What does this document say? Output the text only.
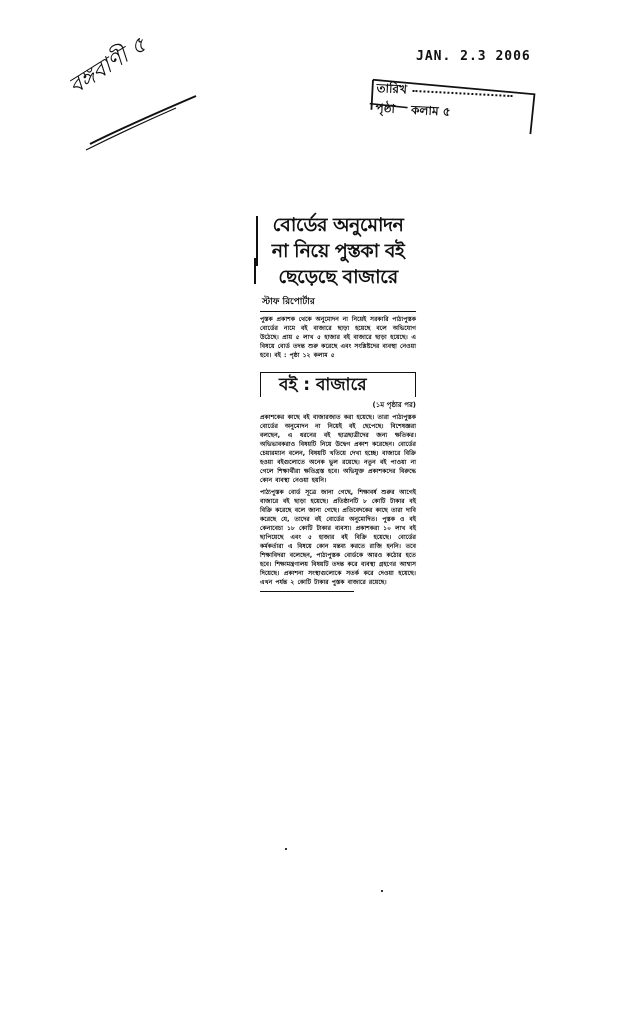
বঙ্গবাণী ৫	JAN. 2.3 2006
তারিখ
পৃষ্ঠা কলাম ৫
বোর্ডের অনুমোদন
না নিয়ে পুস্তকা বই
ছেড়েছে বাজারে
স্টাফ রিপোর্টার
পুস্তক প্রকাশক থেকে অনুমোদন না নিয়েই সরকারি পাঠ্যপুস্তক বোর্ডের নামে বই বাজারে ছাড়া হয়েছে বলে অভিযোগ উঠেছে। প্রায় ৫ লাখ ৫ হাজার বই বাজারে ছাড়া হয়েছে। এ বিষয়ে বোর্ড তদন্ত শুরু করেছে এবং সংশ্লিষ্টদের ব্যবস্থা নেওয়া হবে। বই : পৃষ্ঠা ১২ কলাম ৫
বই : বাজারে
(১ম পৃষ্ঠার পর)
প্রকাশকের কাছে বই বাজারজাত করা হয়েছে। তারা পাঠ্যপুস্তক বোর্ডের অনুমোদন না নিয়েই বই ছেপেছে। বিশেষজ্ঞরা বলছেন, এ ধরনের বই ছাত্রছাত্রীদের জন্য ক্ষতিকর। অভিভাবকরাও বিষয়টি নিয়ে উদ্বেগ প্রকাশ করেছেন। বোর্ডের চেয়ারম্যান বলেন, বিষয়টি খতিয়ে দেখা হচ্ছে। বাজারে বিক্রি হওয়া বইগুলোতে অনেক ভুল রয়েছে। নতুন বই পাওয়া না গেলে শিক্ষার্থীরা ক্ষতিগ্রস্ত হবে। অভিযুক্ত প্রকাশকদের বিরুদ্ধে কোন ব্যবস্থা নেওয়া হয়নি।
পাঠ্যপুস্তক বোর্ড সূত্রে জানা গেছে, শিক্ষাবর্ষ শুরুর আগেই বাজারে বই ছাড়া হয়েছে। প্রতিষ্ঠানটি ৮ কোটি টাকার বই বিক্রি করেছে বলে জানা গেছে। প্রতিবেদকের কাছে তারা দাবি করেছে যে, তাদের বই বোর্ডের অনুমোদিত। পুস্তক ও বই কেনাবেচা ১৮ কোটি টাকার ব্যবসা। প্রকাশকরা ১০ লাখ বই ছাপিয়েছে এবং ৫ হাজার বই বিক্রি হয়েছে। বোর্ডের কর্মকর্তারা এ বিষয়ে কোন মন্তব্য করতে রাজি হননি। তবে শিক্ষাবিদরা বলেছেন, পাঠ্যপুস্তক বোর্ডকে আরও কঠোর হতে হবে। শিক্ষামন্ত্রণালয় বিষয়টি তদন্ত করে ব্যবস্থা গ্রহণের আশ্বাস দিয়েছে। প্রকাশনা সংস্থাগুলোকে সতর্ক করে দেওয়া হয়েছে। এখন পর্যন্ত ২ কোটি টাকার পুস্তক বাজারে রয়েছে।
